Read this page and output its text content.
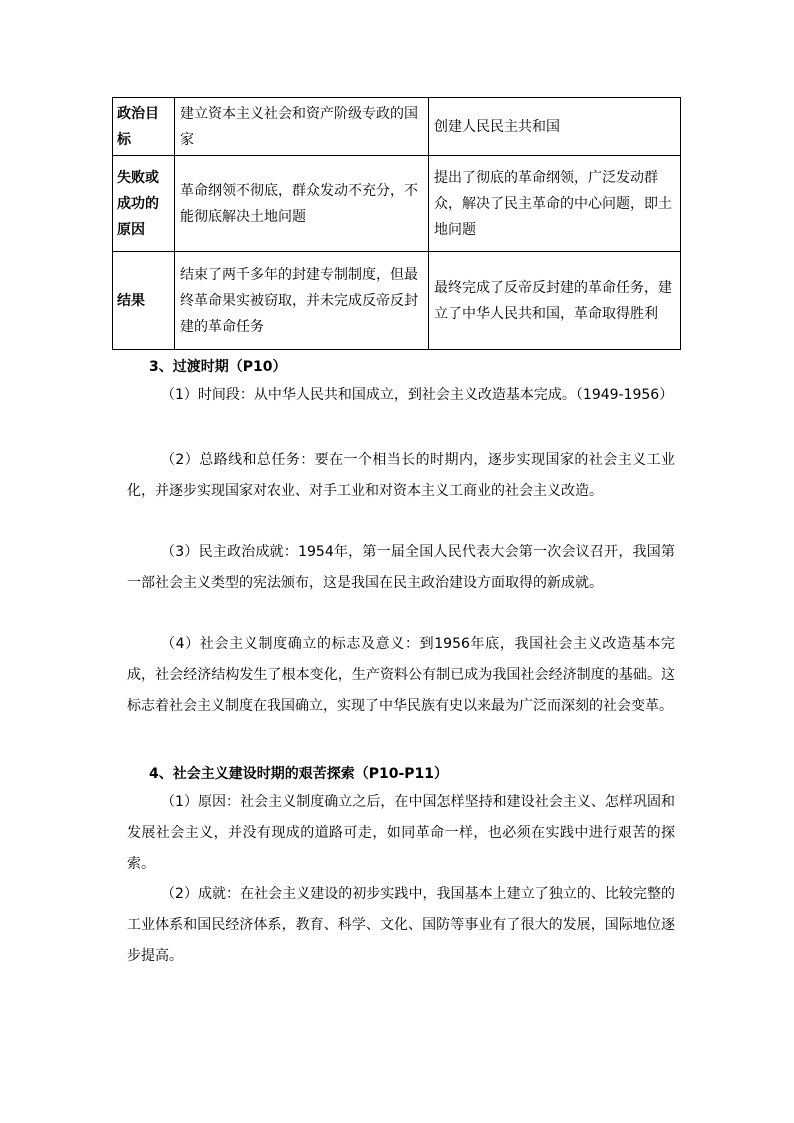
政治目标	建立资本主义社会和资产阶级专政的国家	创建人民民主共和国
失败或成功的原因	革命纲领不彻底，群众发动不充分，不能彻底解决土地问题	提出了彻底的革命纲领，广泛发动群众，解决了民主革命的中心问题，即土地问题
结果	结束了两千多年的封建专制制度，但最终革命果实被窃取，并未完成反帝反封建的革命任务	最终完成了反帝反封建的革命任务，建立了中华人民共和国，革命取得胜利
3、过渡时期（P10）
（1）时间段：从中华人民共和国成立，到社会主义改造基本完成。（1949-1956）
（2）总路线和总任务：要在一个相当长的时期内，逐步实现国家的社会主义工业化，并逐步实现国家对农业、对手工业和对资本主义工商业的社会主义改造。
（3）民主政治成就：1954年，第一届全国人民代表大会第一次会议召开，我国第一部社会主义类型的宪法颁布，这是我国在民主政治建设方面取得的新成就。
（4）社会主义制度确立的标志及意义：到1956年底，我国社会主义改造基本完成，社会经济结构发生了根本变化，生产资料公有制已成为我国社会经济制度的基础。这标志着社会主义制度在我国确立，实现了中华民族有史以来最为广泛而深刻的社会变革。
4、社会主义建设时期的艰苦探索（P10-P11）
（1）原因：社会主义制度确立之后，在中国怎样坚持和建设社会主义、怎样巩固和发展社会主义，并没有现成的道路可走，如同革命一样，也必须在实践中进行艰苦的探索。
（2）成就：在社会主义建设的初步实践中，我国基本上建立了独立的、比较完整的工业体系和国民经济体系，教育、科学、文化、国防等事业有了很大的发展，国际地位逐步提高。
